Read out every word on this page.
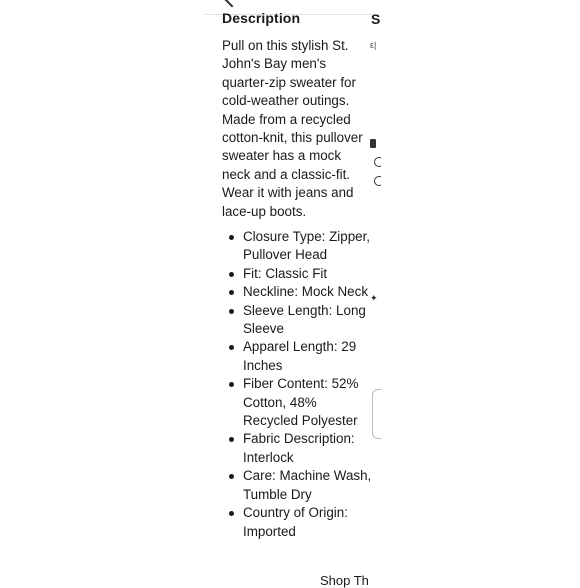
Description

Pull on this stylish St. John's Bay men's quarter-zip sweater for cold-weather outings. Made from a recycled cotton-knit, this pullover sweater has a mock neck and a classic-fit. Wear it with jeans and lace-up boots.

Closure Type: Zipper, Pullover Head
Fit: Classic Fit
Neckline: Mock Neck
Sleeve Length: Long Sleeve
Apparel Length: 29 Inches
Fiber Content: 52% Cotton, 48% Recycled Polyester
Fabric Description: Interlock
Care: Machine Wash, Tumble Dry
Country of Origin: Imported
S
ε|
✦
Shop Th
